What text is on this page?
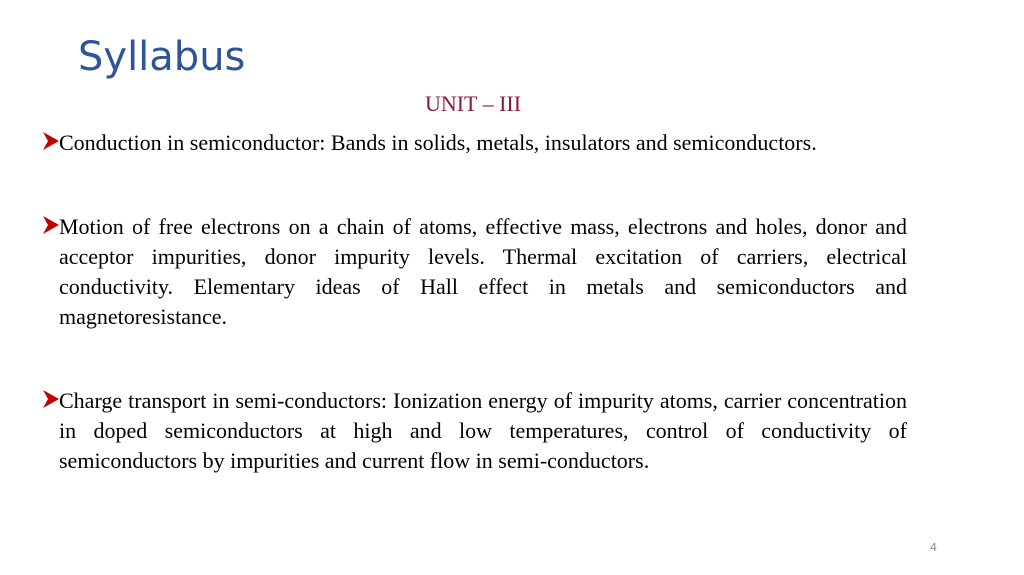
Syllabus
UNIT – III
Conduction in semiconductor: Bands in solids, metals, insulators and semiconductors.
Motion of free electrons on a chain of atoms, effective mass, electrons and holes, donor and acceptor impurities, donor impurity levels. Thermal excitation of carriers, electrical conductivity. Elementary ideas of Hall effect in metals and semiconductors and magnetoresistance.
Charge transport in semi-conductors: Ionization energy of impurity atoms, carrier concentration in doped semiconductors at high and low temperatures, control of conductivity of semiconductors by impurities and current flow in semi-conductors.
4
